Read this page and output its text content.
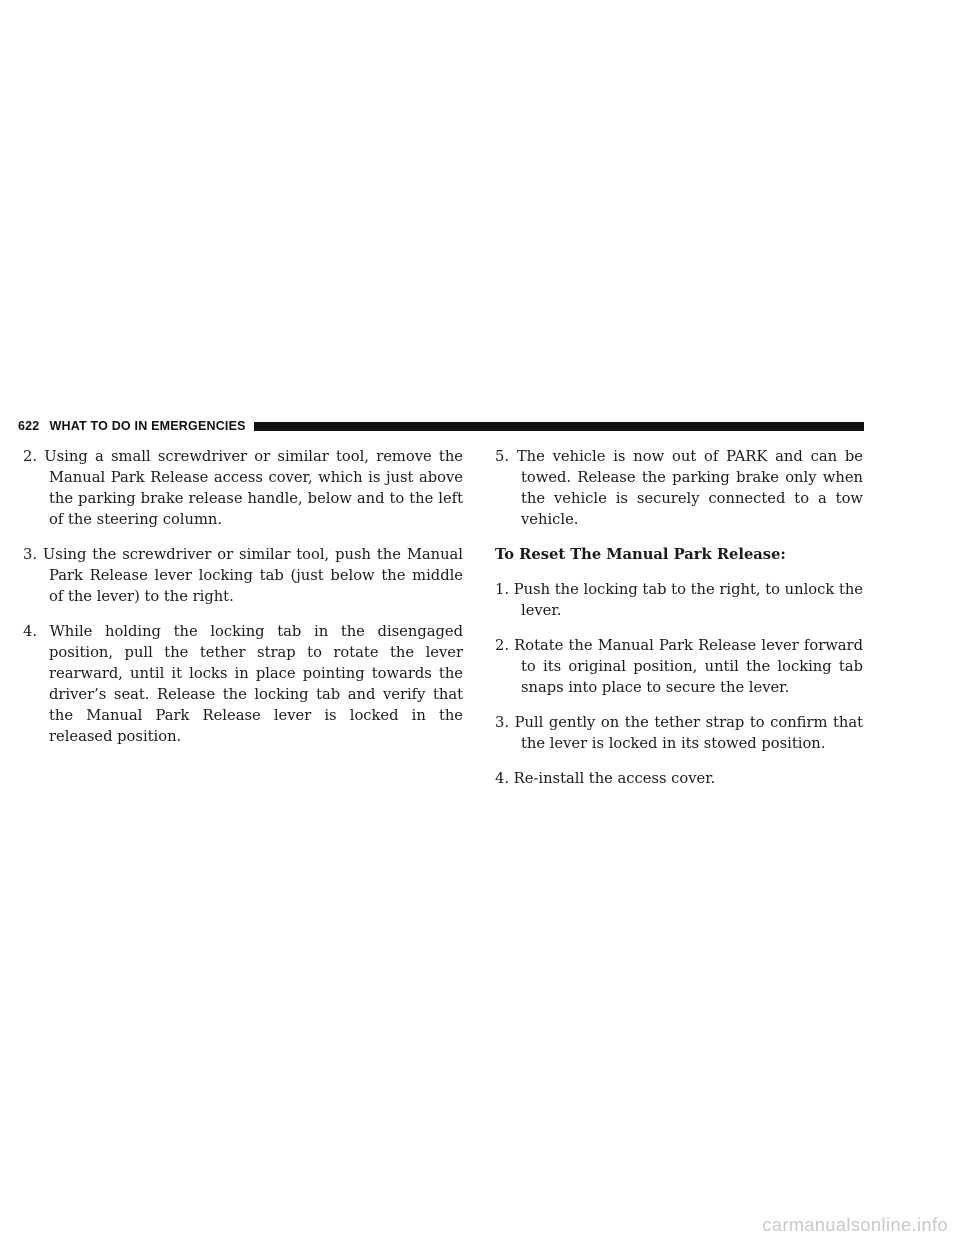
622 WHAT TO DO IN EMERGENCIES

2. Using a small screwdriver or similar tool, remove the Manual Park Release access cover, which is just above the parking brake release handle, below and to the left of the steering column.

3. Using the screwdriver or similar tool, push the Manual Park Release lever locking tab (just below the middle of the lever) to the right.

4. While holding the locking tab in the disengaged position, pull the tether strap to rotate the lever rearward, until it locks in place pointing towards the driver’s seat. Release the locking tab and verify that the Manual Park Release lever is locked in the released position.

5. The vehicle is now out of PARK and can be towed. Release the parking brake only when the vehicle is securely connected to a tow vehicle.

To Reset The Manual Park Release:

1. Push the locking tab to the right, to unlock the lever.

2. Rotate the Manual Park Release lever forward to its original position, until the locking tab snaps into place to secure the lever.

3. Pull gently on the tether strap to confirm that the lever is locked in its stowed position.

4. Re-install the access cover.

carmanualsonline.info
